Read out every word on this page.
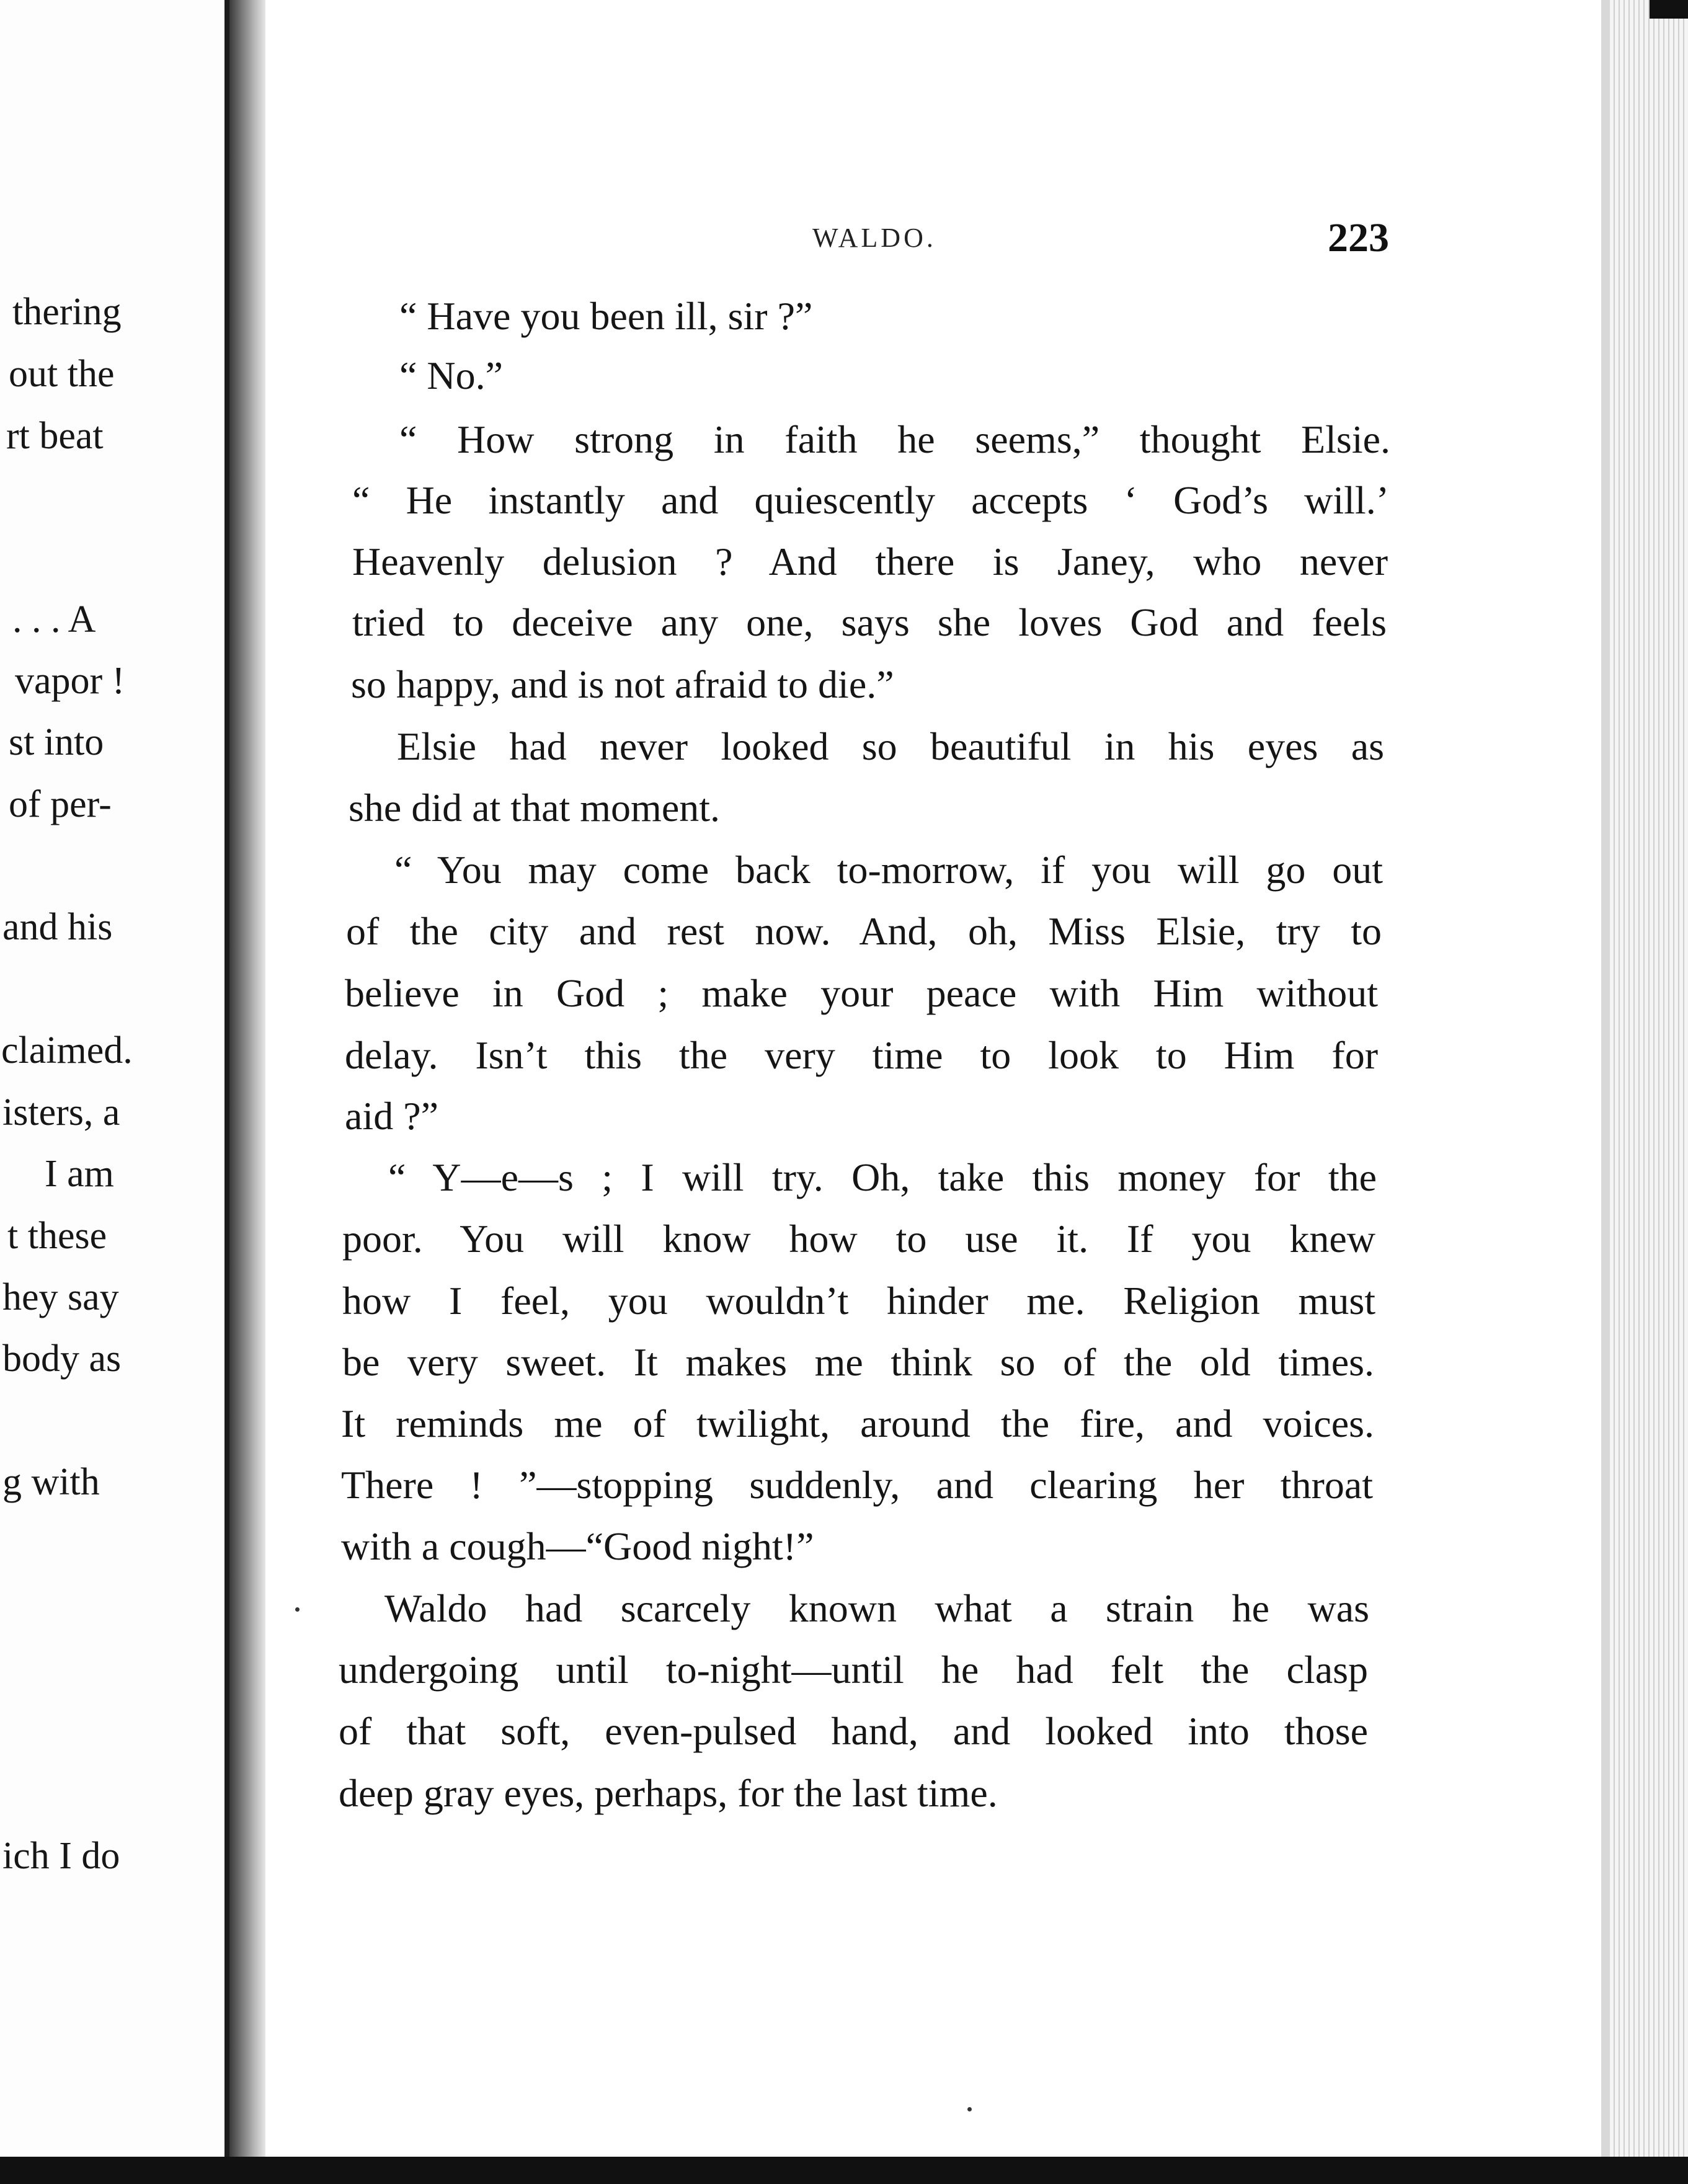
thering
out the
rt beat
. . . A
vapor !
st into
of per-
and his
claimed.
isters, a
I am
t these
hey say
body as
g with
ich I do
WALDO.	223
“ Have you been ill, sir ?”
“ No.”
“ How strong in faith he seems,” thought Elsie.
“ He instantly and quiescently accepts ‘ God’s will.’
Heavenly delusion ? And there is Janey, who never
tried to deceive any one, says she loves God and feels
so happy, and is not afraid to die.”
Elsie had never looked so beautiful in his eyes as
she did at that moment.
“ You may come back to-morrow, if you will go out
of the city and rest now. And, oh, Miss Elsie, try to
believe in God ; make your peace with Him without
delay. Isn’t this the very time to look to Him for
aid ?”
“ Y—e—s ; I will try. Oh, take this money for the
poor. You will know how to use it. If you knew
how I feel, you wouldn’t hinder me. Religion must
be very sweet. It makes me think so of the old times.
It reminds me of twilight, around the fire, and voices.
There ! ”—stopping suddenly, and clearing her throat
with a cough—“Good night!”
Waldo had scarcely known what a strain he was
undergoing until to-night—until he had felt the clasp
of that soft, even-pulsed hand, and looked into those
deep gray eyes, perhaps, for the last time.
